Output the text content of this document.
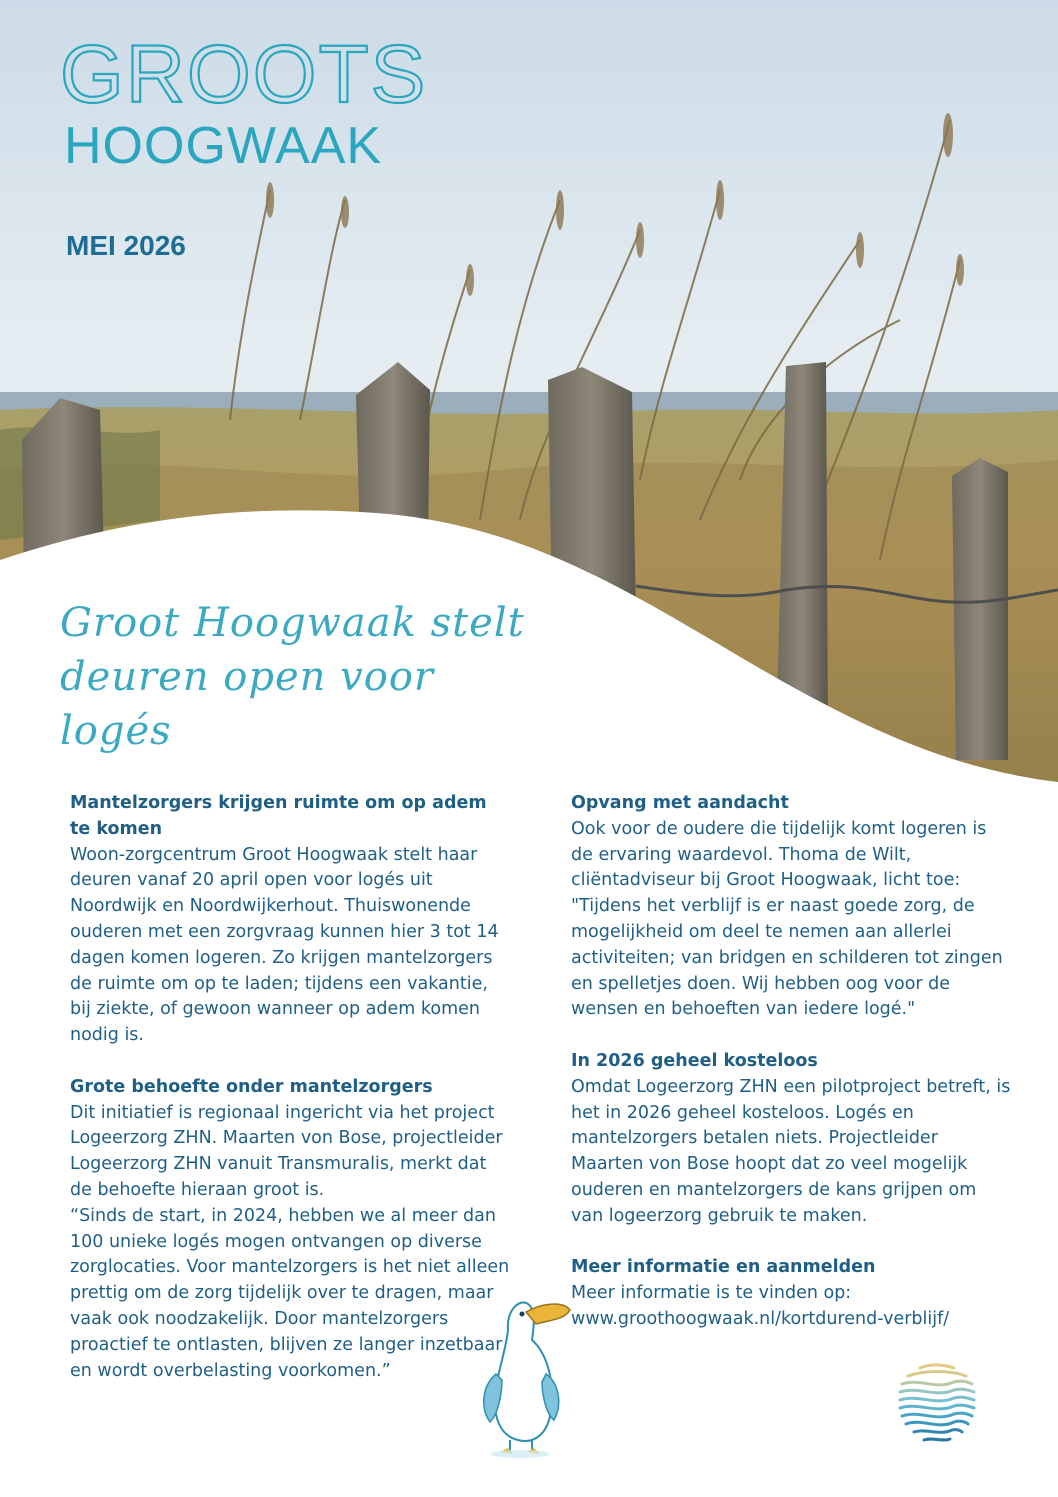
GROOTS
HOOGWAAK
MEI 2026
Groot Hoogwaak stelt deuren open voor logés
Mantelzorgers krijgen ruimte om op adem te komen

Woon-zorgcentrum Groot Hoogwaak stelt haar deuren vanaf 20 april open voor logés uit Noordwijk en Noordwijkerhout. Thuiswonende ouderen met een zorgvraag kunnen hier 3 tot 14 dagen komen logeren. Zo krijgen mantelzorgers de ruimte om op te laden; tijdens een vakantie, bij ziekte, of gewoon wanneer op adem komen nodig is.

Grote behoefte onder mantelzorgers

Dit initiatief is regionaal ingericht via het project Logeerzorg ZHN. Maarten von Bose, projectleider Logeerzorg ZHN vanuit Transmuralis, merkt dat de behoefte hieraan groot is.

“Sinds de start, in 2024, hebben we al meer dan 100 unieke logés mogen ontvangen op diverse zorglocaties. Voor mantelzorgers is het niet alleen prettig om de zorg tijdelijk over te dragen, maar vaak ook noodzakelijk. Door mantelzorgers proactief te ontlasten, blijven ze langer inzetbaar en wordt overbelasting voorkomen.”

Opvang met aandacht

Ook voor de oudere die tijdelijk komt logeren is de ervaring waardevol. Thoma de Wilt, cliëntadviseur bij Groot Hoogwaak, licht toe: "Tijdens het verblijf is er naast goede zorg, de mogelijkheid om deel te nemen aan allerlei activiteiten; van bridgen en schilderen tot zingen en spelletjes doen. Wij hebben oog voor de wensen en behoeften van iedere logé."

In 2026 geheel kosteloos

Omdat Logeerzorg ZHN een pilotproject betreft, is het in 2026 geheel kosteloos. Logés en mantelzorgers betalen niets. Projectleider Maarten von Bose hoopt dat zo veel mogelijk ouderen en mantelzorgers de kans grijpen om van logeerzorg gebruik te maken.

Meer informatie en aanmelden

Meer informatie is te vinden op:

www.groothoogwaak.nl/kortdurend-verblijf/
